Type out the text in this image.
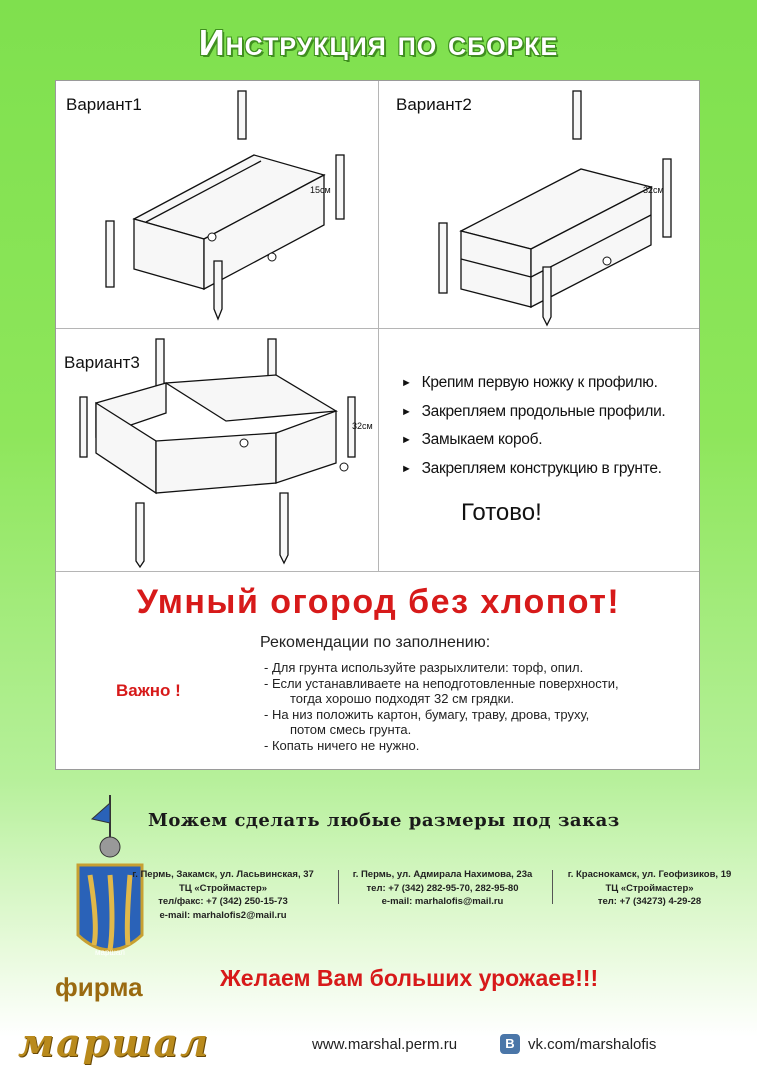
Инструкция по сборке
Вариант1	Вариант2
Вариант3
15см	32см
32см
► Крепим первую ножку к профилю.
► Закрепляем продольные профили.
► Замыкаем короб.
► Закрепляем конструкцию в грунте.
Готово!
Умный огород без хлопот!
Рекомендации по заполнению:
Важно !

- Для грунта используйте разрыхлители: торф, опил.

- Если устанавливаете на неподготовленные поверхности,

тогда хорошо подходят 32 см грядки.

- На низ положить картон, бумагу, траву, дрова, труху,

потом смесь грунта.

- Копать ничего не нужно.

маршал
Можем сделать любые размеры под заказ
г. Пермь, Закамск, ул. Ласьвинская, 37
ТЦ «Строймастер»
тел/факс: +7 (342) 250-15-73
e-mail: marhalofis2@mail.ru
г. Пермь, ул. Адмирала Нахимова, 23а
тел: +7 (342) 282-95-70, 282-95-80
e-mail: marhalofis@mail.ru
г. Краснокамск, ул. Геофизиков, 19
ТЦ «Строймастер»
тел: +7 (34273) 4-29-28
фирма	Желаем Вам больших урожаев!!!
маршал	www.marshal.perm.ru	B vk.com/marshalofis
